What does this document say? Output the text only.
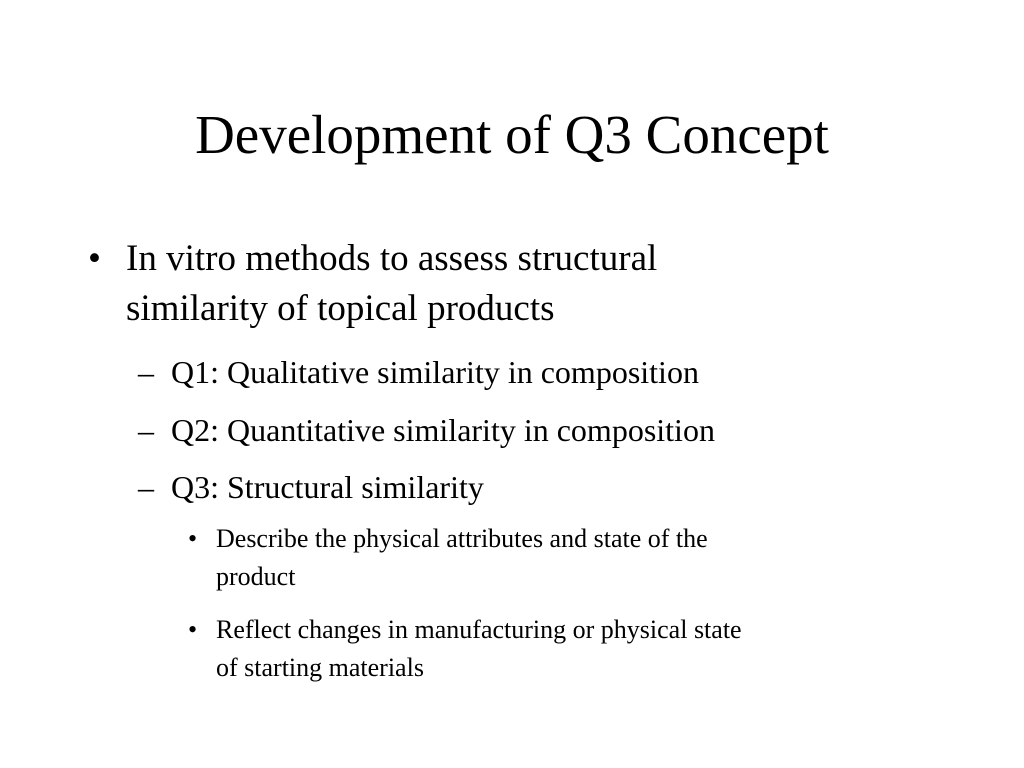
Development of Q3 Concept
• In vitro methods to assess structural
similarity of topical products
– Q1: Qualitative similarity in composition
– Q2: Quantitative similarity in composition
– Q3: Structural similarity
• Describe the physical attributes and state of the
product
• Reflect changes in manufacturing or physical state
of starting materials
